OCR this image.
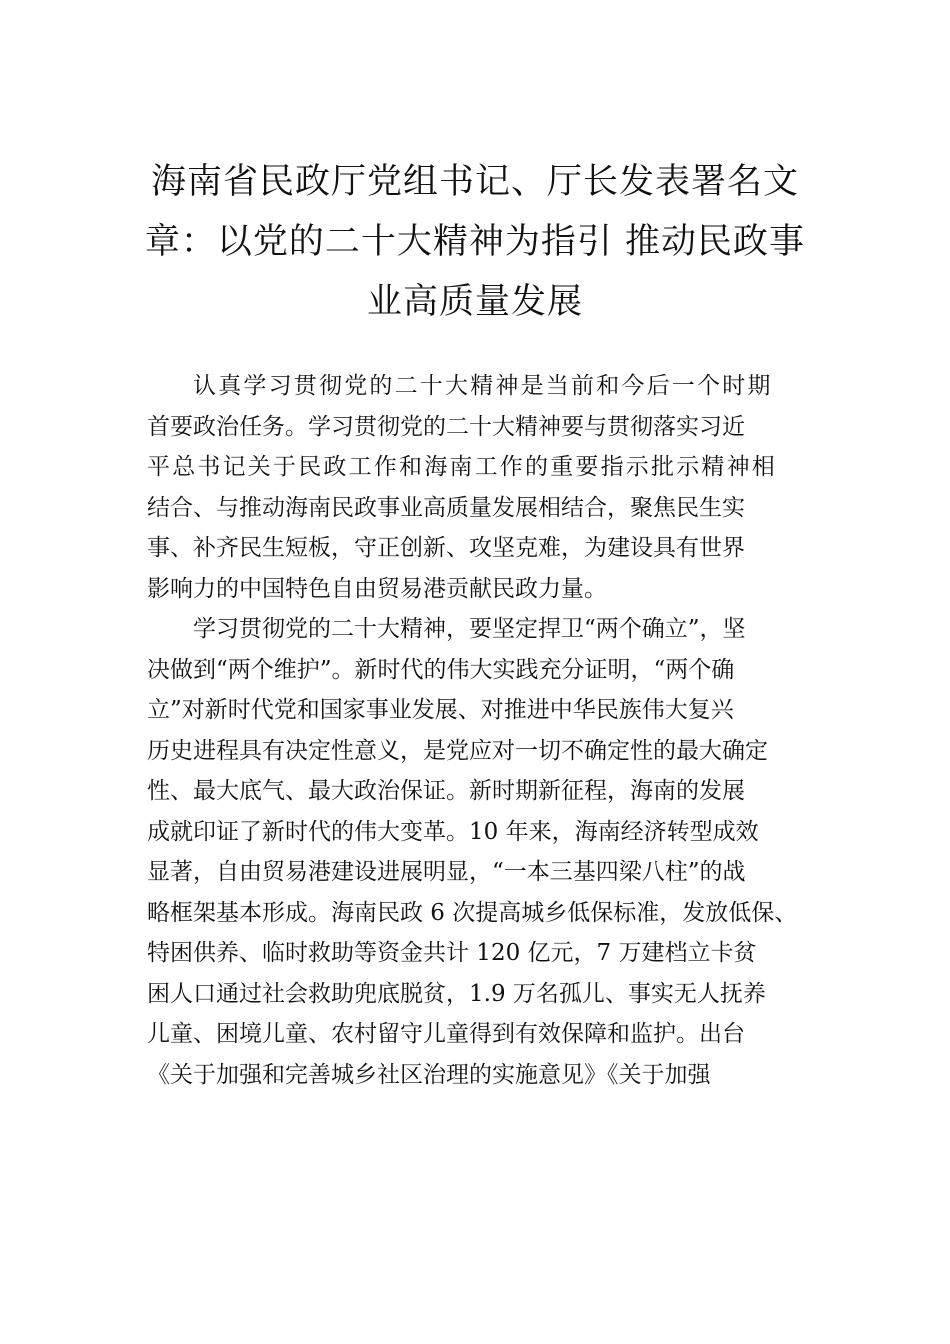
海南省民政厅党组书记、厅长发表署名文
章：以党的二十大精神为指引 推动民政事
业高质量发展
认真学习贯彻党的二十大精神是当前和今后一个时期
首要政治任务。学习贯彻党的二十大精神要与贯彻落实习近
平总书记关于民政工作和海南工作的重要指示批示精神相
结合、与推动海南民政事业高质量发展相结合，聚焦民生实
事、补齐民生短板，守正创新、攻坚克难，为建设具有世界
影响力的中国特色自由贸易港贡献民政力量。
学习贯彻党的二十大精神，要坚定捍卫“两个确立”，坚
决做到“两个维护”。新时代的伟大实践充分证明，“两个确
立”对新时代党和国家事业发展、对推进中华民族伟大复兴
历史进程具有决定性意义，是党应对一切不确定性的最大确定
性、最大底气、最大政治保证。新时期新征程，海南的发展
成就印证了新时代的伟大变革。10 年来，海南经济转型成效
显著，自由贸易港建设进展明显，“一本三基四梁八柱”的战
略框架基本形成。海南民政 6 次提高城乡低保标准，发放低保、
特困供养、临时救助等资金共计 120 亿元，7 万建档立卡贫
困人口通过社会救助兜底脱贫，1.9 万名孤儿、事实无人抚养
儿童、困境儿童、农村留守儿童得到有效保障和监护。出台
《关于加强和完善城乡社区治理的实施意见》《关于加强
